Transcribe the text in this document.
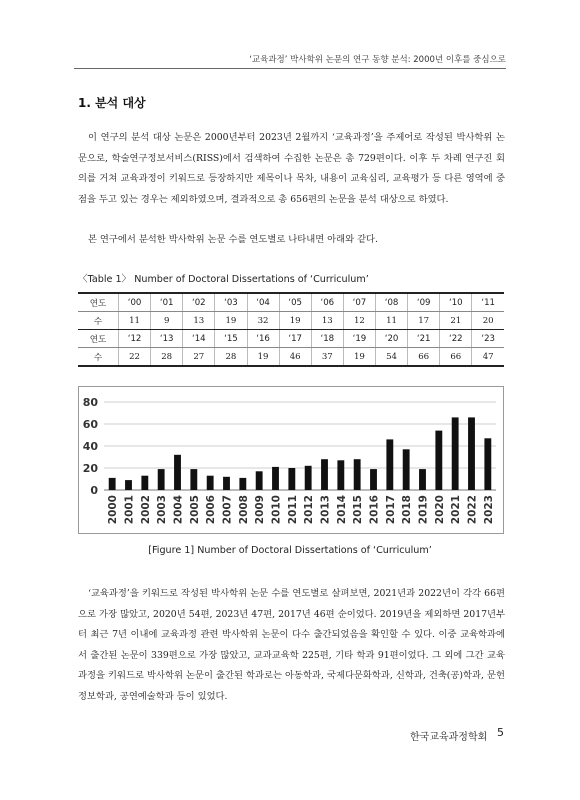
‘교육과정’ 박사학위 논문의 연구 동향 분석: 2000년 이후를 중심으로
1. 분석 대상

이 연구의 분석 대상 논문은 2000년부터 2023년 2월까지 ‘교육과정’을 주제어로 작성된 박사학위 논문으로, 학술연구정보서비스(RISS)에서 검색하여 수집한 논문은 총 729편이다. 이후 두 차례 연구진 회의를 거쳐 교육과정이 키워드로 등장하지만 제목이나 목차, 내용이 교육심리, 교육평가 등 다른 영역에 중점을 두고 있는 경우는 제외하였으며, 결과적으로 총 656편의 논문을 분석 대상으로 하였다.

본 연구에서 분석한 박사학위 논문 수를 연도별로 나타내면 아래와 같다.

〈Table 1〉 Number of Doctoral Dissertations of ‘Curriculum’

연도	‘00	‘01	‘02	‘03	‘04	‘05	‘06	‘07	‘08	‘09	‘10	‘11
수	11	9	13	19	32	19	13	12	11	17	21	20
연도	‘12	‘13	‘14	‘15	‘16	‘17	‘18	‘19	‘20	‘21	‘22	‘23
수	22	28	27	28	19	46	37	19	54	66	66	47
0
20
40
60
80
2000 2001 2002 2003 2004 2005 2006 2007 2008 2009 2010 2011 2012 2013 2014 2015 2016 2017 2018 2019 2020 2021 2022 2023

[Figure 1] Number of Doctoral Dissertations of ‘Curriculum’

‘교육과정’을 키워드로 작성된 박사학위 논문 수를 연도별로 살펴보면, 2021년과 2022년이 각각 66편으로 가장 많았고, 2020년 54편, 2023년 47편, 2017년 46편 순이었다. 2019년을 제외하면 2017년부터 최근 7년 이내에 교육과정 관련 박사학위 논문이 다수 출간되었음을 확인할 수 있다. 이중 교육학과에서 출간된 논문이 339편으로 가장 많았고, 교과교육학 225편, 기타 학과 91편이었다. 그 외에 그간 교육과정을 키워드로 박사학위 논문이 출간된 학과로는 아동학과, 국제다문화학과, 신학과, 건축(공)학과, 문헌정보학과, 공연예술학과 등이 있었다.

한국교육과정학회 5
